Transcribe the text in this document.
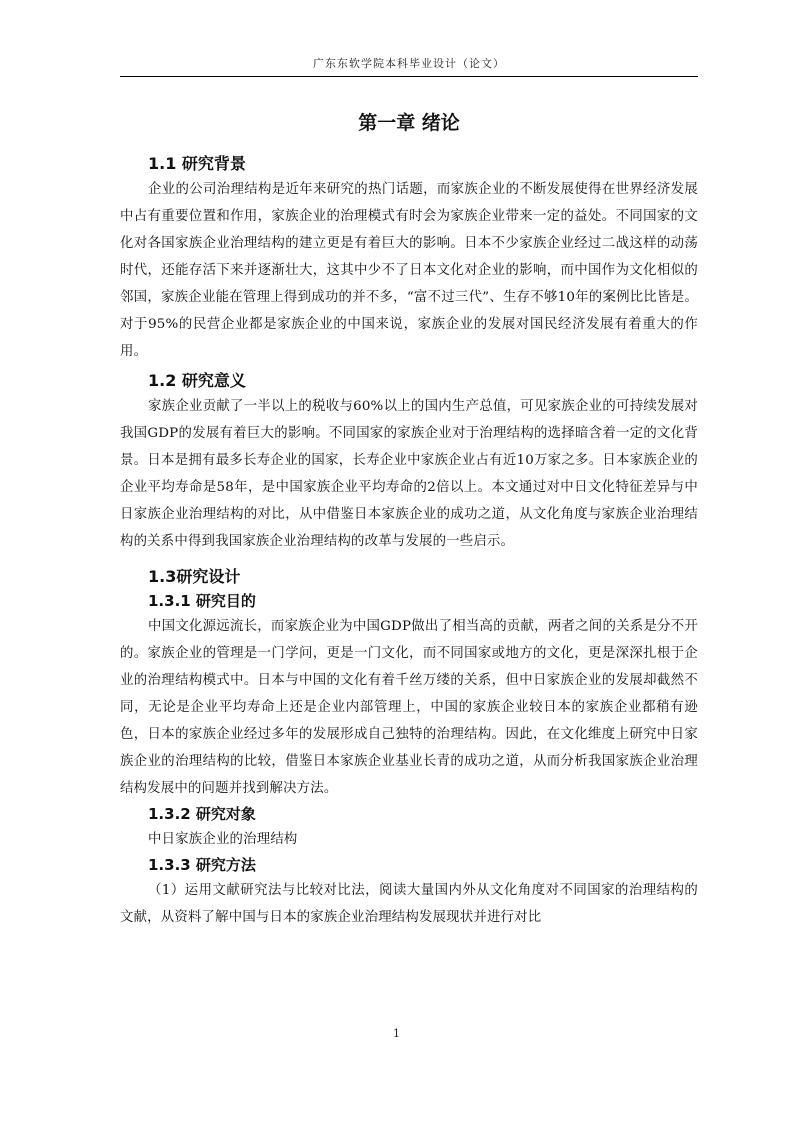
广东东软学院本科毕业设计（论文）
第一章 绪论
1.1 研究背景

企业的公司治理结构是近年来研究的热门话题，而家族企业的不断发展使得在世界经济发展中占有重要位置和作用，家族企业的治理模式有时会为家族企业带来一定的益处。不同国家的文化对各国家族企业治理结构的建立更是有着巨大的影响。日本不少家族企业经过二战这样的动荡时代，还能存活下来并逐渐壮大，这其中少不了日本文化对企业的影响，而中国作为文化相似的邻国，家族企业能在管理上得到成功的并不多，“富不过三代”、生存不够10年的案例比比皆是。对于95%的民营企业都是家族企业的中国来说，家族企业的发展对国民经济发展有着重大的作用。

1.2 研究意义

家族企业贡献了一半以上的税收与60%以上的国内生产总值，可见家族企业的可持续发展对我国GDP的发展有着巨大的影响。不同国家的家族企业对于治理结构的选择暗含着一定的文化背景。日本是拥有最多长寿企业的国家，长寿企业中家族企业占有近10万家之多。日本家族企业的企业平均寿命是58年，是中国家族企业平均寿命的2倍以上。本文通过对中日文化特征差异与中日家族企业治理结构的对比，从中借鉴日本家族企业的成功之道，从文化角度与家族企业治理结构的关系中得到我国家族企业治理结构的改革与发展的一些启示。

1.3研究设计
1.3.1 研究目的

中国文化源远流长，而家族企业为中国GDP做出了相当高的贡献，两者之间的关系是分不开的。家族企业的管理是一门学问，更是一门文化，而不同国家或地方的文化，更是深深扎根于企业的治理结构模式中。日本与中国的文化有着千丝万缕的关系，但中日家族企业的发展却截然不同，无论是企业平均寿命上还是企业内部管理上，中国的家族企业较日本的家族企业都稍有逊色，日本的家族企业经过多年的发展形成自己独特的治理结构。因此，在文化维度上研究中日家族企业的治理结构的比较，借鉴日本家族企业基业长青的成功之道，从而分析我国家族企业治理结构发展中的问题并找到解决方法。

1.3.2 研究对象

中日家族企业的治理结构

1.3.3 研究方法

（1）运用文献研究法与比较对比法，阅读大量国内外从文化角度对不同国家的治理结构的文献，从资料了解中国与日本的家族企业治理结构发展现状并进行对比

1
